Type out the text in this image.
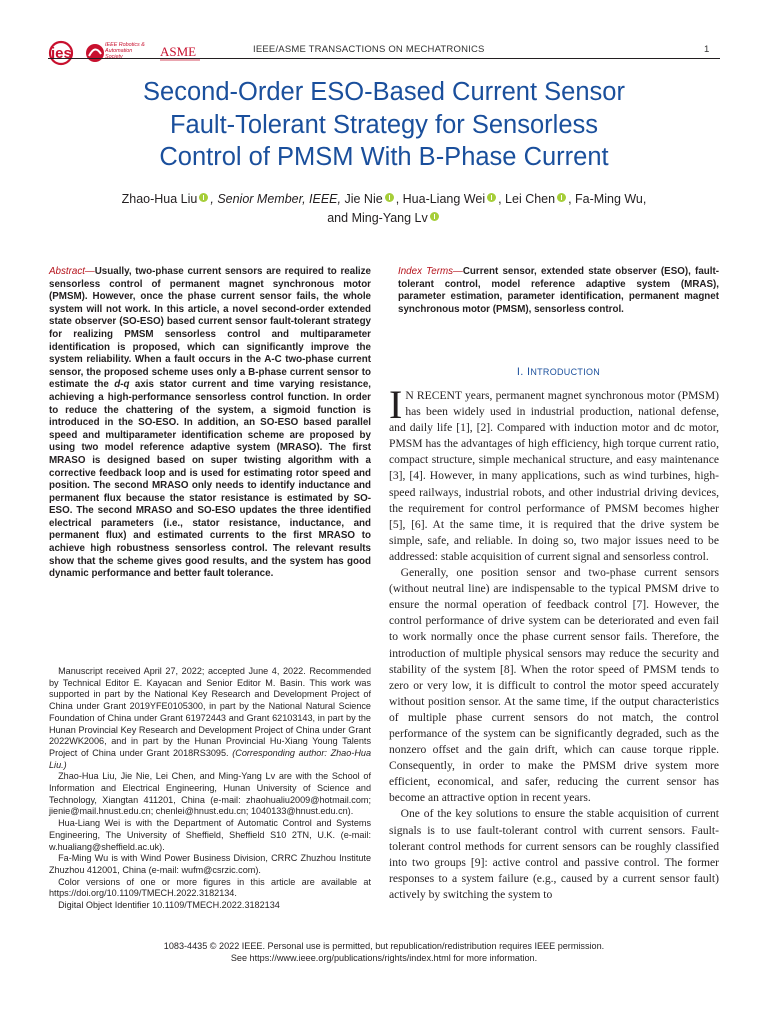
ies	IEEE Robotics & Automation Society	ASME	IEEE/ASME TRANSACTIONS ON MECHATRONICS	1
Second-Order ESO-Based Current Sensor
Fault-Tolerant Strategy for Sensorless
Control of PMSM With B-Phase Current
Zhao-Hua Liu , Senior Member, IEEE, Jie Nie , Hua-Liang Wei , Lei Chen , Fa-Ming Wu,
and Ming-Yang Lv
Abstract—Usually, two-phase current sensors are required to realize sensorless control of permanent magnet synchronous motor (PMSM). However, once the phase current sensor fails, the whole system will not work. In this article, a novel second-order extended state observer (SO-ESO) based current sensor fault-tolerant strategy for realizing PMSM sensorless control and multiparameter identification is proposed, which can significantly improve the system reliability. When a fault occurs in the A-C two-phase current sensor, the proposed scheme uses only a B-phase current sensor to estimate the d-q axis stator current and time varying resistance, achieving a high-performance sensorless control function. In order to reduce the chattering of the system, a sigmoid function is introduced in the SO-ESO. In addition, an SO-ESO based parallel speed and multiparameter identification scheme are proposed by using two model reference adaptive system (MRASO). The first MRASO is designed based on super twisting algorithm with a corrective feedback loop and is used for estimating rotor speed and position. The second MRASO only needs to identify inductance and permanent flux because the stator resistance is estimated by SO-ESO. The second MRASO and SO-ESO updates the three identified electrical parameters (i.e., stator resistance, inductance, and permanent flux) and estimated currents to the first MRASO to achieve high robustness sensorless control. The relevant results show that the scheme gives good results, and the system has good dynamic performance and better fault tolerance.
Index Terms—Current sensor, extended state observer (ESO), fault-tolerant control, model reference adaptive system (MRAS), parameter estimation, parameter identification, permanent magnet synchronous motor (PMSM), sensorless control.
I. INTRODUCTION

I N RECENT years, permanent magnet synchronous motor (PMSM) has been widely used in industrial production, national defense, and daily life [1], [2]. Compared with induction motor and dc motor, PMSM has the advantages of high efficiency, high torque current ratio, compact structure, simple mechanical structure, and easy maintenance [3], [4]. However, in many applications, such as wind turbines, high-speed railways, industrial robots, and other industrial driving devices, the requirement for control performance of PMSM becomes higher [5], [6]. At the same time, it is required that the drive system be simple, safe, and reliable. In doing so, two major issues need to be addressed: stable acquisition of current signal and sensorless control.

Generally, one position sensor and two-phase current sensors (without neutral line) are indispensable to the typical PMSM drive to ensure the normal operation of feedback control [7]. However, the control performance of drive system can be deteriorated and even fail to work normally once the phase current sensor fails. Therefore, the introduction of multiple physical sensors may reduce the security and stability of the system [8]. When the rotor speed of PMSM tends to zero or very low, it is difficult to control the motor speed accurately without position sensor. At the same time, if the output characteristics of multiple phase current sensors do not match, the control performance of the system can be significantly degraded, such as the nonzero offset and the gain drift, which can cause torque ripple. Consequently, in order to make the PMSM drive system more efficient, economical, and safer, reducing the current sensor has become an attractive option in recent years.

One of the key solutions to ensure the stable acquisition of current signals is to use fault-tolerant control with current sensors. Fault-tolerant control methods for current sensors can be roughly classified into two groups [9]: active control and passive control. The former responses to a system failure (e.g., caused by a current sensor fault) actively by switching the system to

Manuscript received April 27, 2022; accepted June 4, 2022. Recommended by Technical Editor E. Kayacan and Senior Editor M. Basin. This work was supported in part by the National Key Research and Development Project of China under Grant 2019YFE0105300, in part by the National Natural Science Foundation of China under Grant 61972443 and Grant 62103143, in part by the Hunan Provincial Key Research and Development Project of China under Grant 2022WK2006, and in part by the Hunan Provincial Hu-Xiang Young Talents Project of China under Grant 2018RS3095. (Corresponding author: Zhao-Hua Liu.)

Zhao-Hua Liu, Jie Nie, Lei Chen, and Ming-Yang Lv are with the School of Information and Electrical Engineering, Hunan University of Science and Technology, Xiangtan 411201, China (e-mail: zhaohualiu2009@hotmail.com; jienie@mail.hnust.edu.cn; chenlei@hnust.edu.cn; 1040133@hnust.edu.cn).

Hua-Liang Wei is with the Department of Automatic Control and Systems Engineering, The University of Sheffield, Sheffield S10 2TN, U.K. (e-mail: w.hualiang@sheffield.ac.uk).

Fa-Ming Wu is with Wind Power Business Division, CRRC Zhuzhou Institute Zhuzhou 412001, China (e-mail: wufm@csrzic.com).

Color versions of one or more figures in this article are available at https://doi.org/10.1109/TMECH.2022.3182134.

Digital Object Identifier 10.1109/TMECH.2022.3182134

1083-4435 © 2022 IEEE. Personal use is permitted, but republication/redistribution requires IEEE permission.
See https://www.ieee.org/publications/rights/index.html for more information.
